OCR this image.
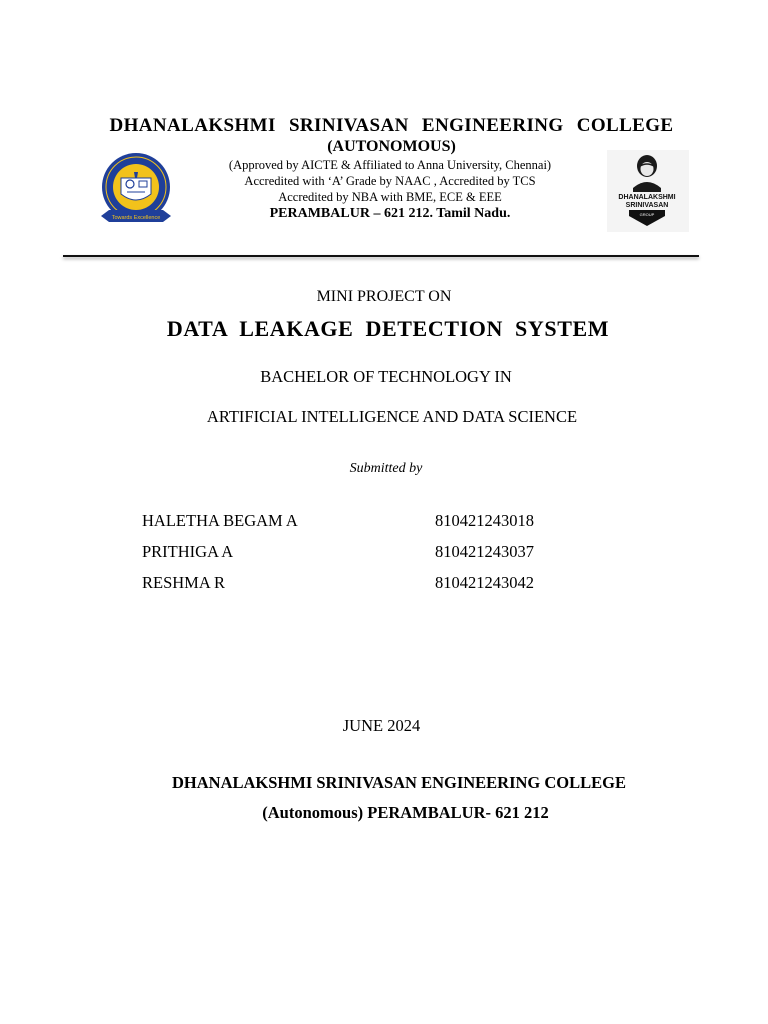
DHANALAKSHMI SRINIVASAN ENGINEERING COLLEGE
(AUTONOMOUS)
(Approved by AICTE & Affiliated to Anna University, Chennai)
Accredited with ‘A’ Grade by NAAC , Accredited by TCS
Accredited by NBA with BME, ECE & EEE
PERAMBALUR – 621 212. Tamil Nadu.
Towards Excellence
DHANALAKSHMI
SRINIVASAN
GROUP
MINI PROJECT ON
DATA LEAKAGE DETECTION SYSTEM
BACHELOR OF TECHNOLOGY IN
ARTIFICIAL INTELLIGENCE AND DATA SCIENCE
Submitted by
HALETHA BEGAM A	810421243018
PRITHIGA A	810421243037
RESHMA R	810421243042
JUNE 2024
DHANALAKSHMI SRINIVASAN ENGINEERING COLLEGE
(Autonomous) PERAMBALUR- 621 212
